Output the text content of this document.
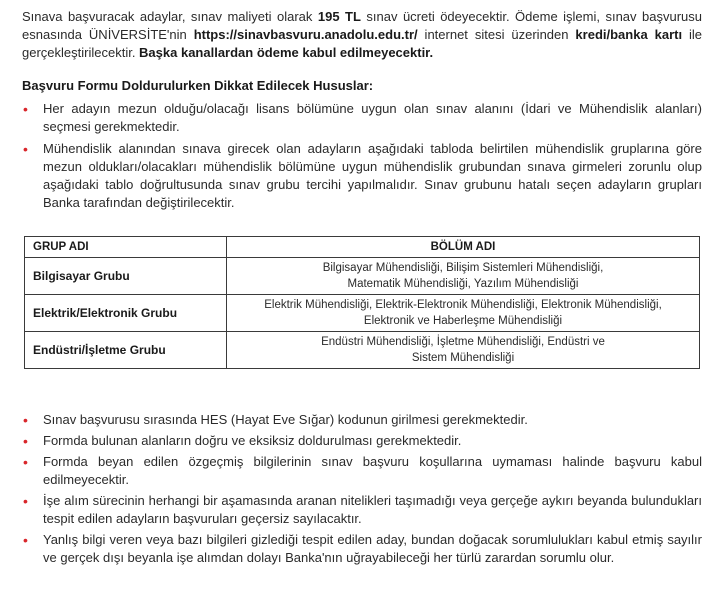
Sınava başvuracak adaylar, sınav maliyeti olarak 195 TL sınav ücreti ödeyecektir. Ödeme işlemi, sınav başvurusu esnasında ÜNİVERSİTE'nin https://sinavbasvuru.anadolu.edu.tr/ internet sitesi üzerinden kredi/banka kartı ile gerçekleştirilecektir. Başka kanallardan ödeme kabul edilmeyecektir.
Başvuru Formu Doldurulurken Dikkat Edilecek Hususlar:
• Her adayın mezun olduğu/olacağı lisans bölümüne uygun olan sınav alanını (İdari ve Mühendislik alanları) seçmesi gerekmektedir.
• Mühendislik alanından sınava girecek olan adayların aşağıdaki tabloda belirtilen mühendislik gruplarına göre mezun oldukları/olacakları mühendislik bölümüne uygun mühendislik grubundan sınava girmeleri zorunlu olup aşağıdaki tablo doğrultusunda sınav grubu tercihi yapılmalıdır. Sınav grubunu hatalı seçen adayların grupları Banka tarafından değiştirilecektir.
GRUP ADI	BÖLÜM ADI
Bilgisayar Grubu	Bilgisayar Mühendisliği, Bilişim Sistemleri Mühendisliği,
Matematik Mühendisliği, Yazılım Mühendisliği
Elektrik/Elektronik Grubu	Elektrik Mühendisliği, Elektrik-Elektronik Mühendisliği, Elektronik Mühendisliği,
Elektronik ve Haberleşme Mühendisliği
Endüstri/İşletme Grubu	Endüstri Mühendisliği, İşletme Mühendisliği, Endüstri ve
Sistem Mühendisliği
• Sınav başvurusu sırasında HES (Hayat Eve Sığar) kodunun girilmesi gerekmektedir.
• Formda bulunan alanların doğru ve eksiksiz doldurulması gerekmektedir.
• Formda beyan edilen özgeçmiş bilgilerinin sınav başvuru koşullarına uymaması halinde başvuru kabul edilmeyecektir.
• İşe alım sürecinin herhangi bir aşamasında aranan nitelikleri taşımadığı veya gerçeğe aykırı beyanda bulundukları tespit edilen adayların başvuruları geçersiz sayılacaktır.
• Yanlış bilgi veren veya bazı bilgileri gizlediği tespit edilen aday, bundan doğacak sorumlulukları kabul etmiş sayılır ve gerçek dışı beyanla işe alımdan dolayı Banka'nın uğrayabileceği her türlü zarardan sorumlu olur.
